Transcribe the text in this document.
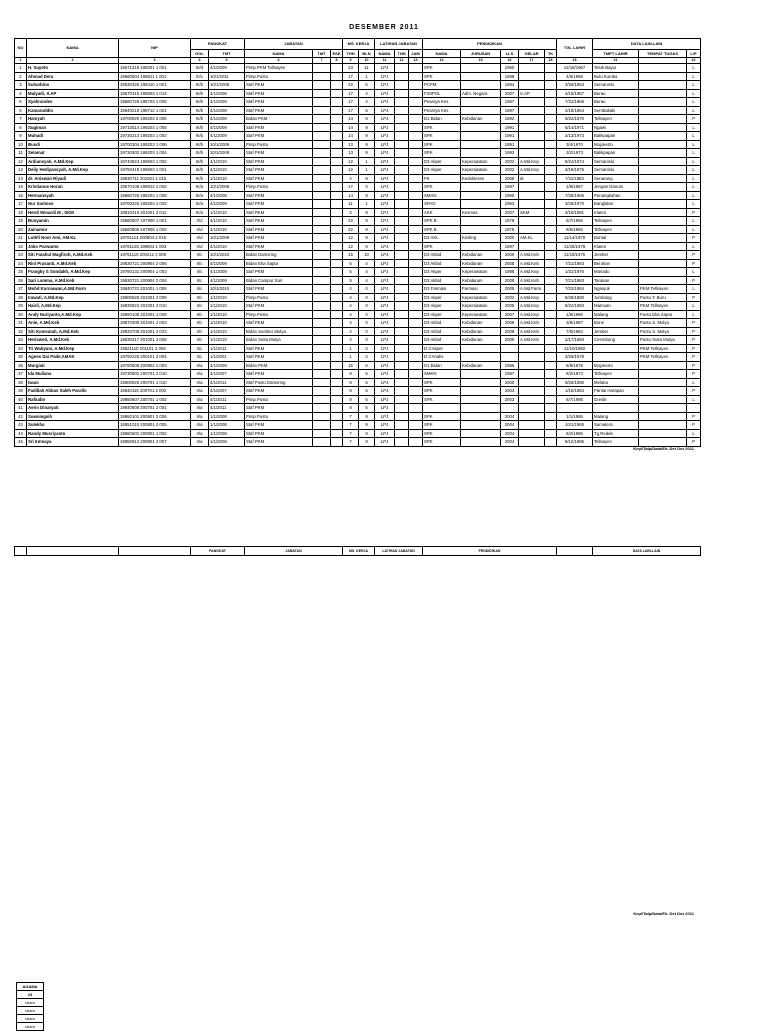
DESEMBER 2011
NO	NAMA	NIP	PANGKAT		JABATAN			MS. KERJA		LATIHAN JABATAN			PENDIDIKAN					TGL LAHIR	DATA LAIN-LAIN		
			GOL	TMT	NAMA	TMT	ESE	THN	BLN	NAMA	THN	JAM	NAMA	JURUSAN	LLS	GELAR	TK		TMPT LAHIR	TEMPAT TUGAS	L/P
1	2	3	4	5	6	7	8	9	10	11	12	13	14	15	16	17	18	19	21		22
1	H. Suyoto	19671218 198301 1 001	III/d	4/1/2009	Pimp.PKM Tellsayen			23	11	LPJ			SPK		1980			12/18/1967	Teluk Bayur		L
2	Ahmad Dera	19680604 198811 1 001	III/c	10/1/2011	Pimp.Pustu			17	1	LPJ			SPK		1988			4/6/1968	Bulu Kumba		L
3	Suharbino	19630326 198410 1 001	III/b	10/1/2008	Staf PKM			22	6	LPJ			PCPM		1984			3/26/1963	Semanislo		L
4	Mulyadi, S.AP	19670415 198803 1 014	III/b	4/1/2008	Staf PKM			17	4	LPJ			FISIPOL	Adm. Negara	2007	S.AP		4/15/1967	Berau		L
5	Syahrandes	19660726 198703 1 005	III/b	4/1/2009	Staf PKM			17	4	LPJ			Pesarya Kes		1987			7/22/1966	Berau		L
6	Kamaruddin	19640218 198712 1 001	III/b	4/1/2008	Staf PKM			17	5	LPJ			Pesarya Kes		1987			2/18/1964	Sembakaki		L
7	Hamyah	19700929 199203 2 006	III/b	4/1/2009	Bidan PKM			14	9	LPJ			D1 Bidan	Kebidanan	1992			9/22/1970	Tellsayen		P
8	Sugiman	19710514 199203 1 005	III/b	4/1/2009	Staf PKM			14	9	LPJ			SPK		1991			5/14/1971	Ngawi		L
9	Muhadi	19730213 199203 1 002	III/b	4/1/2009	Staf PKM			14	9	LPJ			SPK		1991			2/13/1973	Balikpapan		L
10	Busdi	19700304 199203 1 006	III/b	10/1/2009	Pimp.Pustu			13	9	LPJ			SPK		1991			3/4/1970	Mojokerto		L
11	Selamat	19730302 199203 1 004	III/b	10/1/2008	Staf PKM			13	9	LPJ			SPK		1992			3/2/1973	Balikpapan		L
12	Ardiansyah, A.Md.Kep	19740824 199503 1 002	III/b	4/1/2010	Staf PKM			12	1	LPJ			D3 Akper	Keperawatan	2002	A.Md.Kep		8/24/1974	Semanislo		L
13	Deily Hediyansyah, A.Md.Kep	19750419 199603 1 001	III/b	4/1/2010	Staf PKM			12	1	LPJ			D3 Akper	Keperawatan	2002	A.Md.Kep		4/19/1975	Semanislo		L
14	dr. Aniswan Riyadi	19830711 201001 1 016	III/b	1/1/2010	Staf PKM			2	9	LPJ			FK	Kedokteran	2008	dr		7/11/1983	Senarang		L
15	Kristianus Horan	19670108 198812 1 002	III/a	10/1/2008	Pimp.Pustu			17	0	LPJ			SPK		1987			1/8/1967	Jengan Danum		L
16	Hermansyah	19660726 198203 1 005	III/a	4/1/2008	Staf PKM			14	9	LPJ			SMAN		1990			7/26/1966	Penangkahan		L
17	Nur Santoso	19700326 199203 1 002	III/a	4/1/2009	Staf PKM			11	1	LPJ			SPAG		1993			3/26/1970	Banglalan		L
18	Herdi Winardi M , SKM	19810416 201001 2 011	III/a	1/1/2010	Staf PKM			2	9	LPJ			AKK	Kesmas	2007	SKM		4/16/1981	Klaten		P
19	Bunyamin	19560607 197908 1 001	II/d	4/1/2010	Staf PKM			22	8	LPJ			SPK B		1978			6/7/1956	Tellsayen		L
20	Zainamur	19560806 197908 1 002	II/d	4/1/2010	Staf PKM			22	8	LPJ			SPK B		1978			8/6/1956	Tellsayen		L
21	Luthfi Noor Ami, AM.KL	19791114 200604 2 015	II/d	10/1/2008	Staf PKM			12	9	LPJ			D3 AKL	Kesling	2000	AM.KL		11/14/1979	Bontal		P
22	Joko Parwanto	19781125 199803 1 003	II/d	4/1/2010	Staf PKM			12	9	LPJ			SPK		1997			11/25/1978	Klaten		L
23	Siti Fatahul Magfiroh, A.Md.Keb	19751119 200212 2 009	II/c	10/1/2010	Bidan Damsring			15	10	LPJ			D3 Akbid	Kebidanan	2009	A.Md.Keb		11/19/1975	Jember		P
24	Rini Prasanti, A.Md.Keb	19830721 200904 2 006	II/c	4/1/2009	Bidan Eka Sapta			5	4	LPJ			D3 Akbid	Kebidanan	2008	A.Md.Keb		7/21/1983	Berokan		P
25	Frangky S Sondakh, A.Md.Kep	19760131 200904 1 003	II/c	4/1/2009	Staf PKM			5	4	LPJ			D3 Akper	Keperawatan	1998	A.Md.Kep		1/31/1976	Manado		L
26	Sari Lamma, A.Md.Keb	19830721 200904 2 004	II/c	4/1/2009	Bidan Campur Sari			5	4	LPJ			D3 Akbid	Kebidanan	2008	A.Md.Keb		7/21/1983	Tarakan		P
27	Mohd Kurniawan,A.Md.Farm	19840722 201001 1 008	II/c	10/1/2010	Staf PKM			4	0	LPJ			D3 Farmasi	Farmasi	2005	A.Md.Farm		7/22/1984	Nganjuk	PKM Tellsayen	L
28	Irawati, A.Md.Kep	19800828 201001 2 009	II/c	1/1/2010	Pimp.Pustu			4	0	LPJ			D3 Akper	Keperawatan	2002	A.Md.Kep		8/28/1980	Jombang	Pustu T. Buru	P
29	Hairil, A.Md.Kep	19830824 201001 2 010	II/c	1/1/2010	Staf PKM			4	0	LPJ			D3 Akper	Keperawatan	2005	A.Md.Kep		8/24/1983	Mamuan	PKM Tellsayen	L
30	Andy Nuriyanto,A.Md.Kep	19860108 201001 1 008	II/c	1/1/2010	Pimp.Pustu			4	0	LPJ			D3 Akper	Keperawatan	2007	A.Md.Kep		1/8/1986	Malang	Pustu Eka Sapta	L
31	Anie, A.Md.Keb	19870309 201001 2 003	II/c	1/1/2010	Staf PKM			4	0	LPJ			D3 Akbid	Kebidanan	2008	A.Md.Keb		3/9/1987	Bone	Pustu S. Mulya	P
32	Siti Komsatah, A.Md.Keb	19820708 201001 2 023	II/c	1/1/2010	Bidan Sumber Mulya			4	0	LPJ			D3 Akbid	Kebidanan	2008	A.Md.Keb		7/8/1982	Jember	Pustu S. Mulya	P
33	Herisweti, A.Md.Keb	19830217 201001 2 008	II/c	1/1/2010	Bidan Suka Mulya			4	0	LPJ			D3 Akbid	Kebidanan	2009	A.Md.Keb		2/17/1983	Cirembung	Pustu Suka Mulya	P
34	Tri Wahyuni, A.Md.Kep	19821110 201101 2 009	II/c	1/1/2011	Staf PKM			1	0	LPJ			D 3 Akper					11/10/1982		PKM Tellsayen	P
35	Agnes Dai Pade,AMAK	19790225 200101 2 004	II/c	1/1/2001	Staf PKM			1	0	LPJ			D 3 Analis					2/25/1979		PKM Tellsayen	P
36	Murgiati	19760509 200902 2 003	II/a	4/1/2009	Bidan PKM			15	6	LPJ			D1 Bidan	Kebidanan	1996			5/9/1976	Mojokerto		P
37	Ida Muliana	19730602 200701 2 010	II/a	4/1/2007	Staf PKM			8	5	LPJ			SMKN		1997			6/2/1973	Tellsayen		P
38	Iwani	19800926 200701 1 010	II/a	4/1/2011	Staf Pustu Damsring			8	5	LPJ			SPK		2000			9/26/1980	Melabo		L
39	Fadillah Abbas Saleh Parallo	19840116 200701 2 002	II/a	4/1/2007	Staf PKM			8	5	LPJ			SPK		2003			1/16/1984	Pantai Harapan		P
40	Rafiudin	19850607 200701 1 002	II/a	4/1/2011	Pimp.Pustu			8	5	LPJ			SPK		2003			6/7/1985	Gresik		L
41	Aerin Dinaryati	19840608 200701 2 001	II/a	4/1/2011	Staf PKM			8	5	LPJ											
42	Suwningsih	19860101 200801 2 006	II/a	1/1/2008	Pimp.Pustu			7	9	LPJ			SPK		2004			1/1/1986	Malang		P
43	Sulekha	19851010 200801 2 005	II/a	1/1/2008	Staf PKM			7	9	LPJ			SPK		2004			10/1/1985	Sumatera		P
44	Randy Musriyanto	19860602 200801 1 002	II/a	1/1/2008	Staf PKM			7	9	LPJ			SPK		2004			6/2/1986	Tg.Redeb		L
45	Sri Irmnaya	19850912 200801 2 007	II/a	1/1/2008	Staf PKM			7	9	LPJ			SPK		2004			9/12/1985	Tellsayen		P
Kepl/Tatp/Data/Eh..Det Dez 2011
			PANGKAT	JABATAN	MS. KERJA	LATIHAN JABATAN	PENDIDIKAN		DATA LAIN-LAIN
Kepl/Tatp/Data/Eh..Det Dez 2011
AGAMA
23
Islam
Islam
Islam
Islam
